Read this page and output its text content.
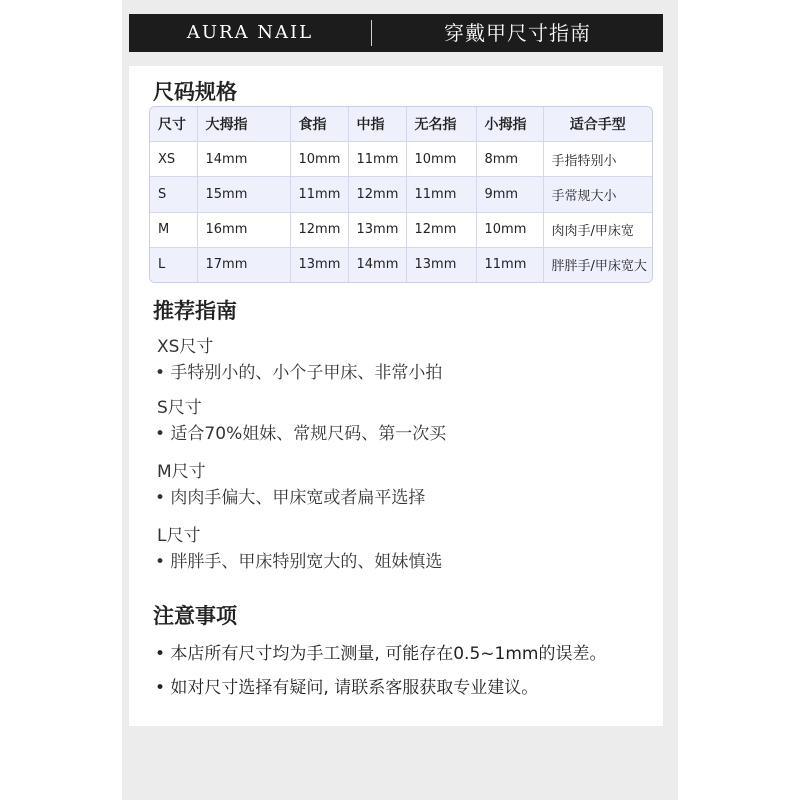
AURA NAIL	穿戴甲尺寸指南
尺码规格
尺寸	大拇指	食指	中指	无名指	小拇指	适合手型
XS	14mm	10mm	11mm	10mm	8mm	手指特别小
S	15mm	11mm	12mm	11mm	9mm	手常规大小
M	16mm	12mm	13mm	12mm	10mm	肉肉手/甲床宽
L	17mm	13mm	14mm	13mm	11mm	胖胖手/甲床宽大
推荐指南
XS尺寸
• 手特别小的、小个子甲床、非常小拍
S尺寸
• 适合70%姐妹、常规尺码、第一次买
M尺寸
• 肉肉手偏大、甲床宽或者扁平选择
L尺寸
• 胖胖手、甲床特别宽大的、姐妹慎选
注意事项
• 本店所有尺寸均为手工测量, 可能存在0.5~1mm的误差。
• 如对尺寸选择有疑问, 请联系客服获取专业建议。
